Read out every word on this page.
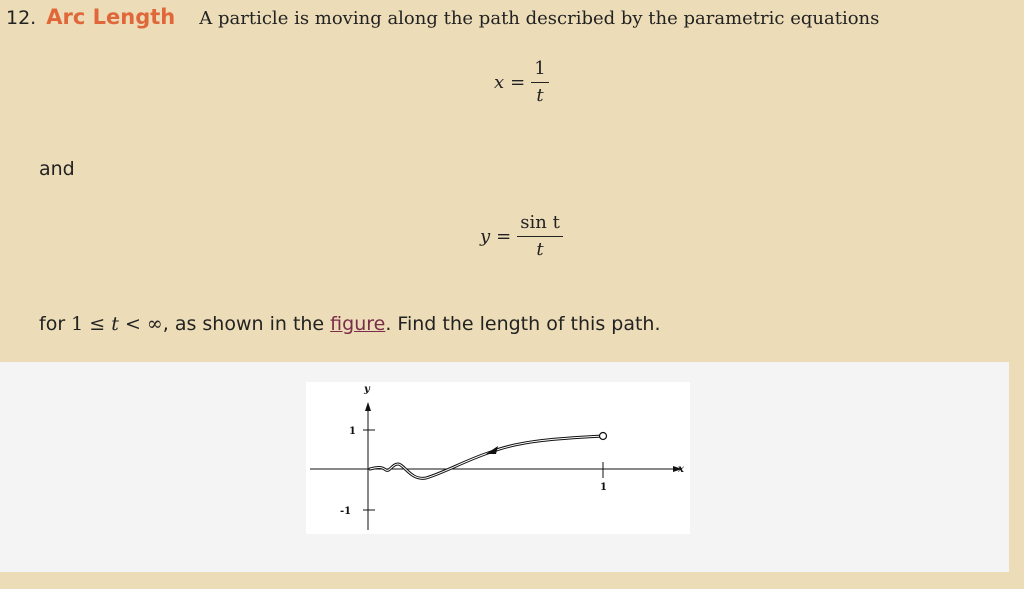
12. Arc Length A particle is moving along the path described by the parametric equations
$x = \frac{1}{t}$
and
$y = \frac{\text{sin t}}{t}$
for 1 ≤ t < ∞, as shown in the figure. Find the length of this path.
x
y
1
-1
1
